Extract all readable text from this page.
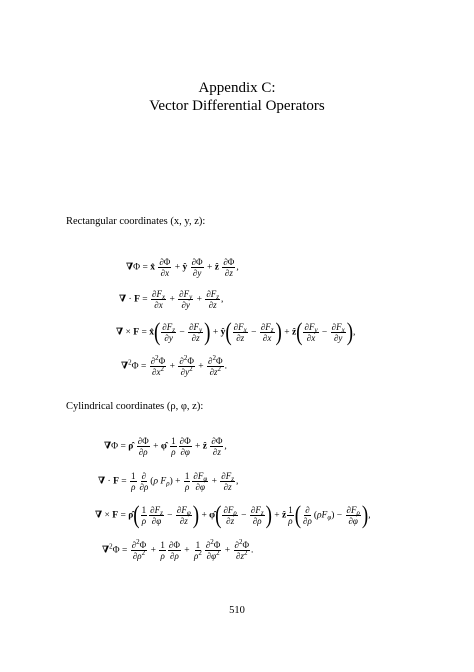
Appendix C:
Vector Differential Operators
Rectangular coordinates (x, y, z):
∇Φ = x̂ $\frac{\partial\Phi}{\partial x}$ + ŷ $\frac{\partial\Phi}{\partial y}$ + ẑ $\frac{\partial\Phi}{\partial z}$ ,
∇ · $F = \frac{\partial F_x}{\partial x} + \frac{\partial F_y}{\partial y} + \frac{\partial F_z}{\partial z}$ ,
∇ × F = x̂( $\frac{\partial F_z}{\partial y} - \frac{\partial F_y}{\partial z}$ ) + ŷ( $\frac{\partial F_x}{\partial z} - \frac{\partial F_z}{\partial x}$ ) + ẑ( $\frac{\partial F_y}{\partial x} - \frac{\partial F_x}{\partial y}$ ),
$\nabla^2\Phi = \frac{\partial^2\Phi}{\partial x^2} + \frac{\partial^2\Phi}{\partial y^2} + \frac{\partial^2\Phi}{\partial z^2}$ .
Cylindrical coordinates (ρ, φ, z):
∇Φ = ρ̂ $\frac{\partial\Phi}{\partial\rho}$ + φ̂ $\frac{1}{\rho} \frac{\partial\Phi}{\partial\varphi}$ + ẑ $\frac{\partial\Phi}{\partial z}$ ,
∇ · $F = \frac{1}{\rho} \frac{\partial}{\partial\rho} (\rho$ $F_\rho) + \frac{1}{\rho} \frac{\partial F_\varphi}{\partial\varphi} + \frac{\partial F_z}{\partial z}$ ,
∇ × F = ρ̂( $\frac{1}{\rho} \frac{\partial F_z}{\partial\varphi} - \frac{\partial F_\varphi}{\partial z}$ ) + φ̂( $\frac{\partial F_\rho}{\partial z} - \frac{\partial F_z}{\partial\rho}$ ) + ẑ $\frac{1}{\rho}$ ( $\frac{\partial}{\partial\rho} (\rho F_\varphi) - \frac{\partial F_\rho}{\partial\varphi}$ ),
$\nabla^2\Phi = \frac{\partial^2\Phi}{\partial\rho^2} + \frac{1}{\rho} \frac{\partial\Phi}{\partial\rho} + \frac{1}{\rho^2} \frac{\partial^2\Phi}{\partial\varphi^2} + \frac{\partial^2\Phi}{\partial z^2}$ .
510
